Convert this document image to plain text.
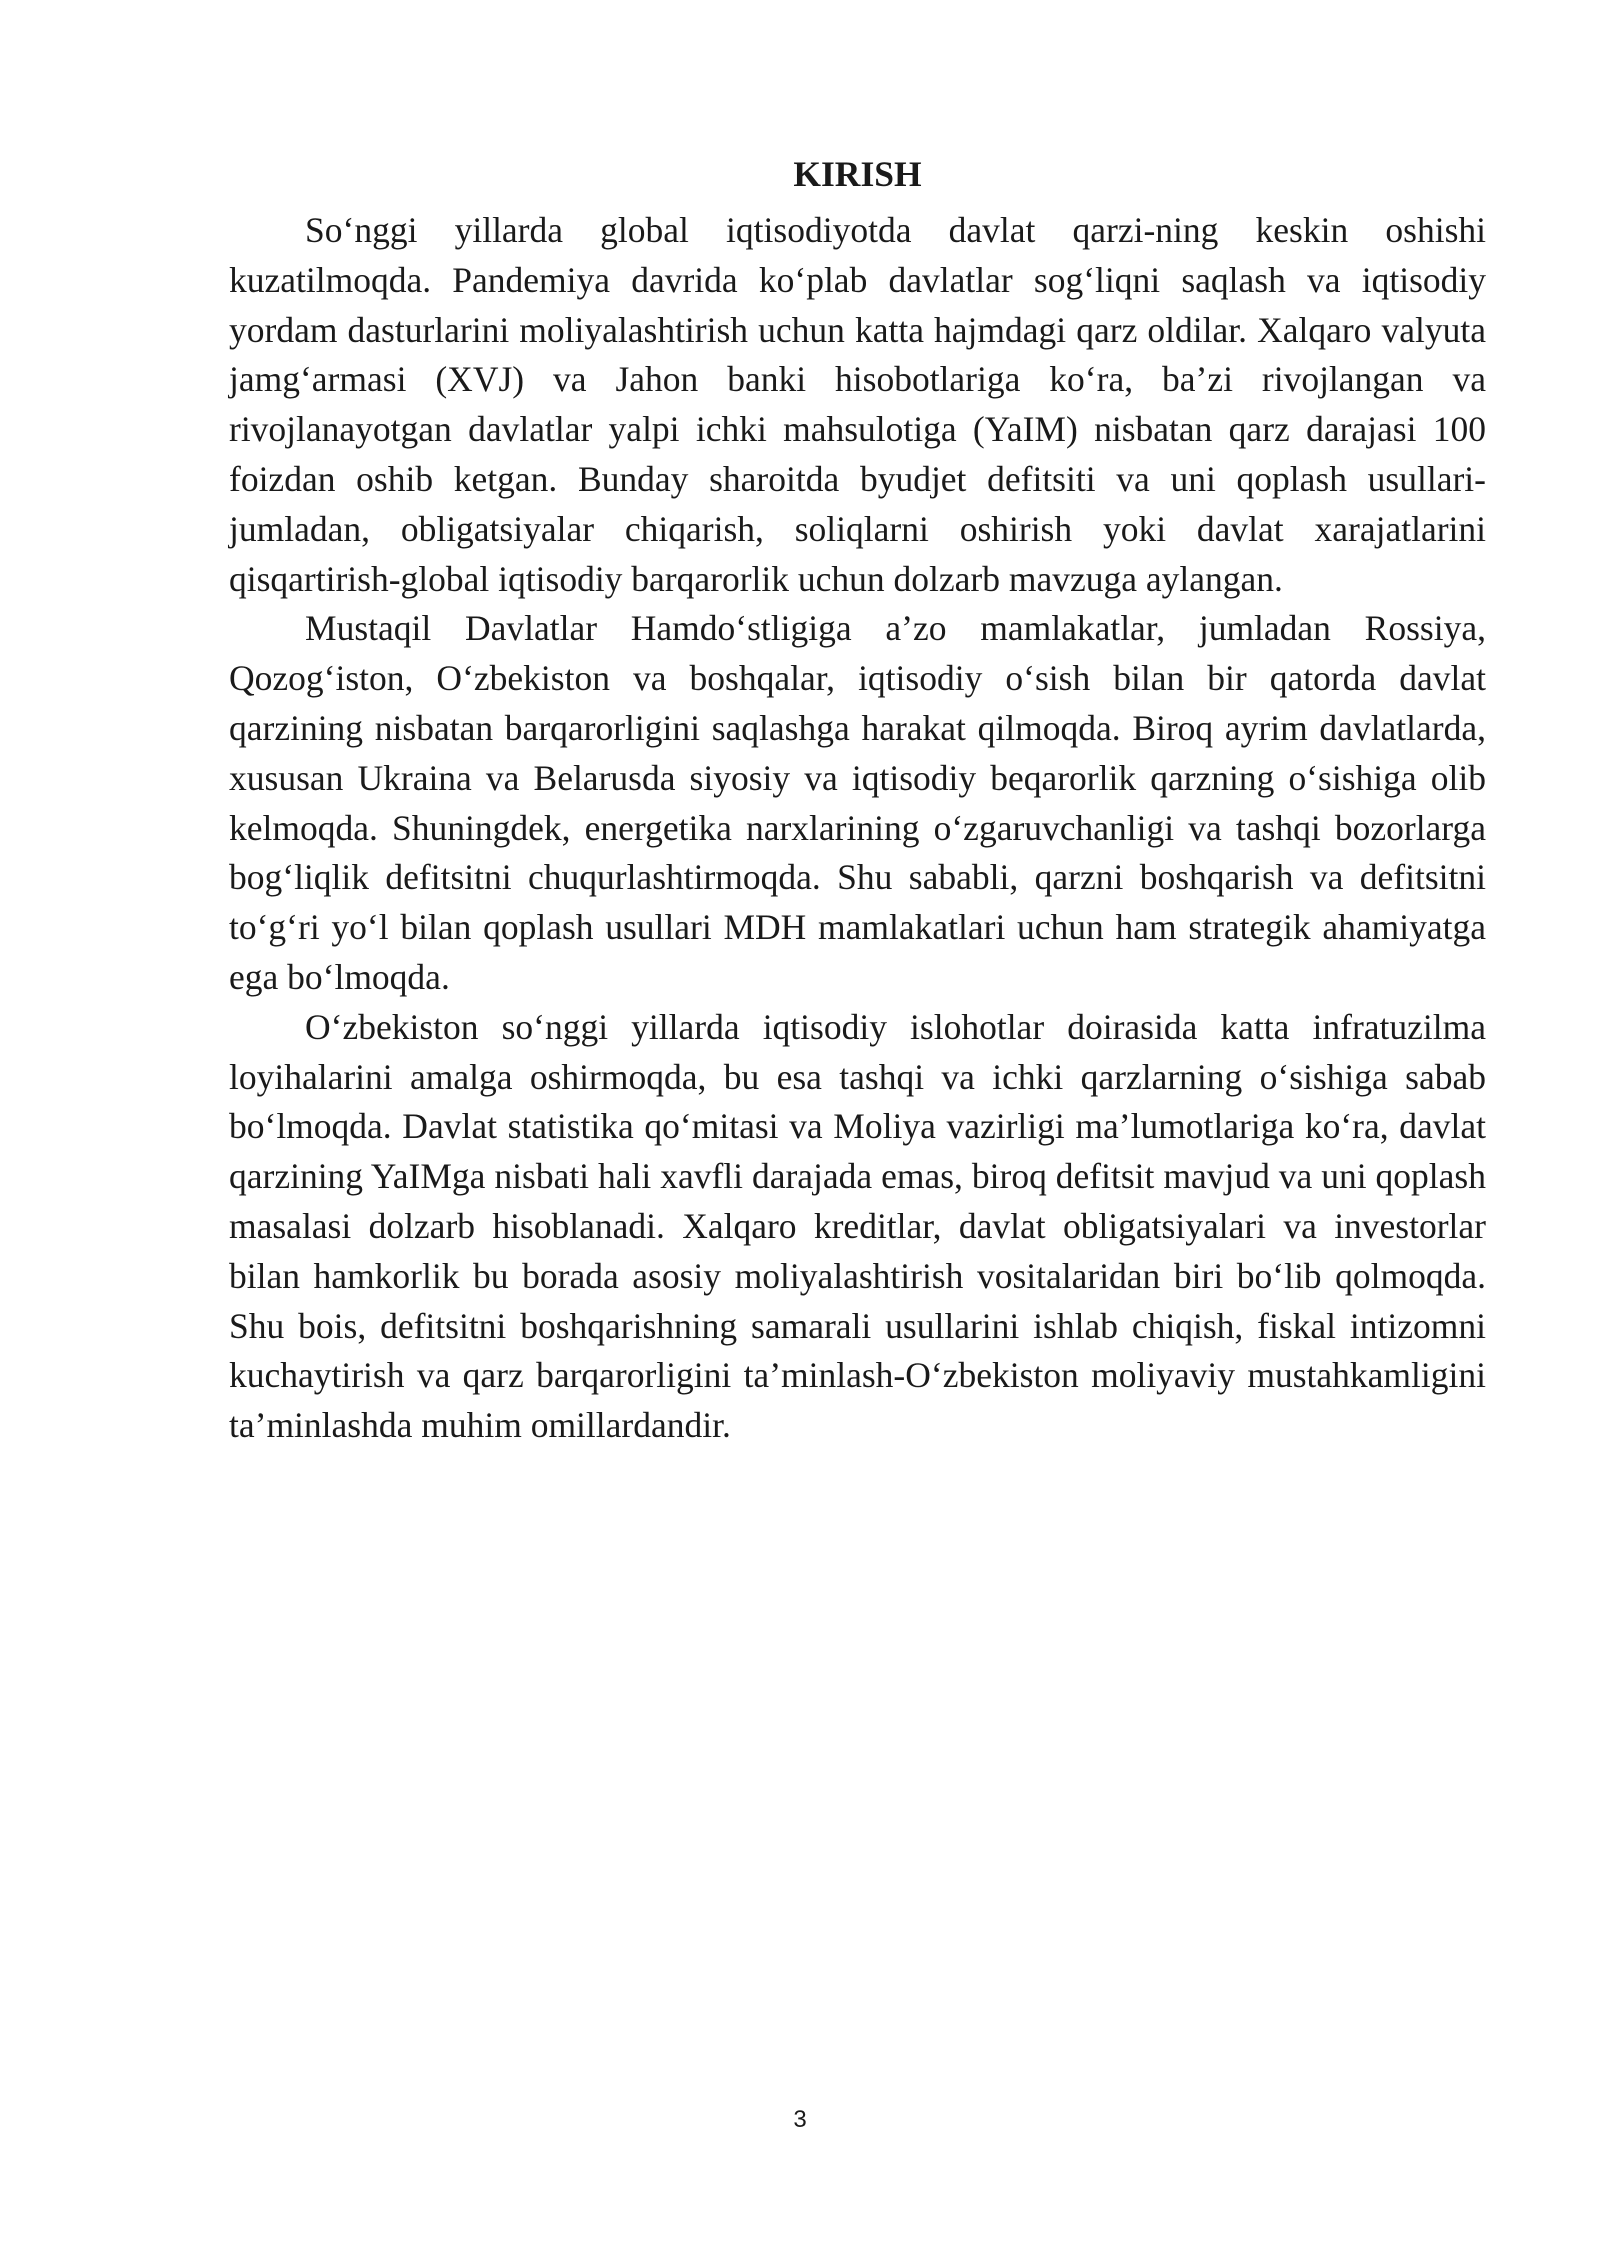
KIRISH

So‘nggi yillarda global iqtisodiyotda davlat qarzi-ning keskin oshishi kuzatilmoqda. Pandemiya davrida ko‘plab davlatlar sog‘liqni saqlash va iqtisodiy yordam dasturlarini moliyalashtirish uchun katta hajmdagi qarz oldilar. Xalqaro valyuta jamg‘armasi (XVJ) va Jahon banki hisobotlariga ko‘ra, ba’zi rivojlangan va rivojlanayotgan davlatlar yalpi ichki mahsulotiga (YaIM) nisbatan qarz darajasi 100 foizdan oshib ketgan. Bunday sharoitda byudjet defitsiti va uni qoplash usullari-jumladan, obligatsiyalar chiqarish, soliqlarni oshirish yoki davlat xarajatlarini qisqartirish-global iqtisodiy barqarorlik uchun dolzarb mavzuga aylangan.

Mustaqil Davlatlar Hamdo‘stligiga a’zo mamlakatlar, jumladan Rossiya, Qozog‘iston, O‘zbekiston va boshqalar, iqtisodiy o‘sish bilan bir qatorda davlat qarzining nisbatan barqarorligini saqlashga harakat qilmoqda. Biroq ayrim davlatlarda, xususan Ukraina va Belarusda siyosiy va iqtisodiy beqarorlik qarzning o‘sishiga olib kelmoqda. Shuningdek, energetika narxlarining o‘zgaruvchanligi va tashqi bozorlarga bog‘liqlik defitsitni chuqurlashtirmoqda. Shu sababli, qarzni boshqarish va defitsitni to‘g‘ri yo‘l bilan qoplash usullari MDH mamlakatlari uchun ham strategik ahamiyatga ega bo‘lmoqda.

O‘zbekiston so‘nggi yillarda iqtisodiy islohotlar doirasida katta infratuzilma loyihalarini amalga oshirmoqda, bu esa tashqi va ichki qarzlarning o‘sishiga sabab bo‘lmoqda. Davlat statistika qo‘mitasi va Moliya vazirligi ma’lumotlariga ko‘ra, davlat qarzining YaIMga nisbati hali xavfli darajada emas, biroq defitsit mavjud va uni qoplash masalasi dolzarb hisoblanadi. Xalqaro kreditlar, davlat obligatsiyalari va investorlar bilan hamkorlik bu borada asosiy moliyalashtirish vositalaridan biri bo‘lib qolmoqda. Shu bois, defitsitni boshqarishning samarali usullarini ishlab chiqish, fiskal intizomni kuchaytirish va qarz barqarorligini ta’minlash-O‘zbekiston moliyaviy mustahkamligini ta’minlashda muhim omillardandir.

3
